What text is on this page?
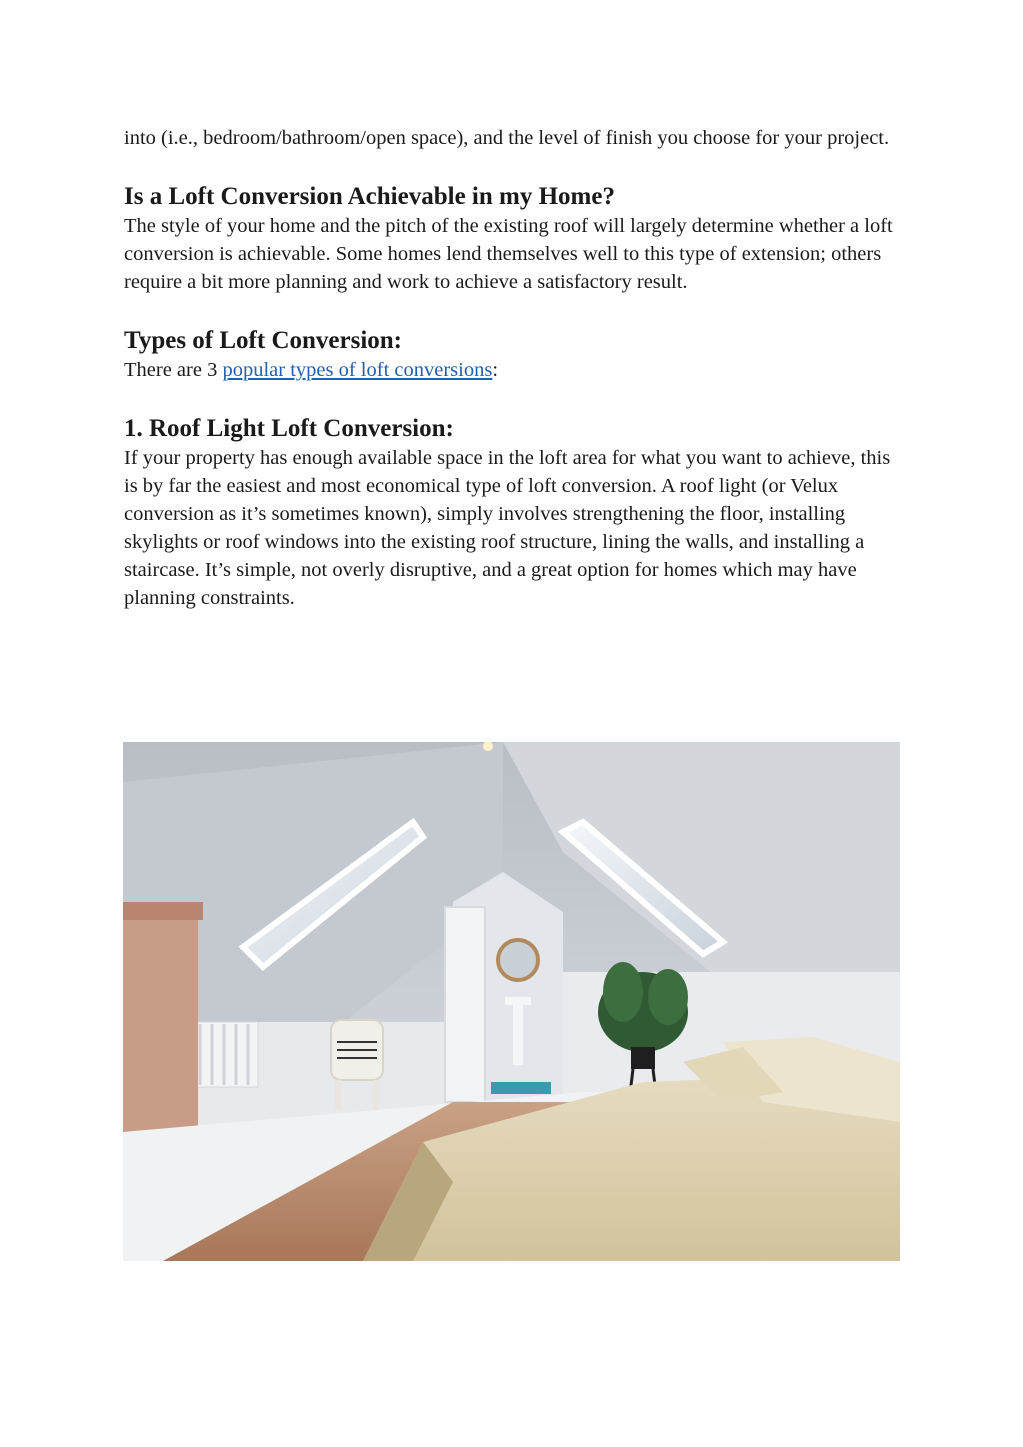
into (i.e., bedroom/bathroom/open space), and the level of finish you choose for your project.

Is a Loft Conversion Achievable in my Home?

The style of your home and the pitch of the existing roof will largely determine whether a loft conversion is achievable. Some homes lend themselves well to this type of extension; others require a bit more planning and work to achieve a satisfactory result.

Types of Loft Conversion:

There are 3 popular types of loft conversions:

1. Roof Light Loft Conversion:

If your property has enough available space in the loft area for what you want to achieve, this is by far the easiest and most economical type of loft conversion. A roof light (or Velux conversion as it’s sometimes known), simply involves strengthening the floor, installing skylights or roof windows into the existing roof structure, lining the walls, and installing a staircase. It’s simple, not overly disruptive, and a great option for homes which may have planning constraints.
